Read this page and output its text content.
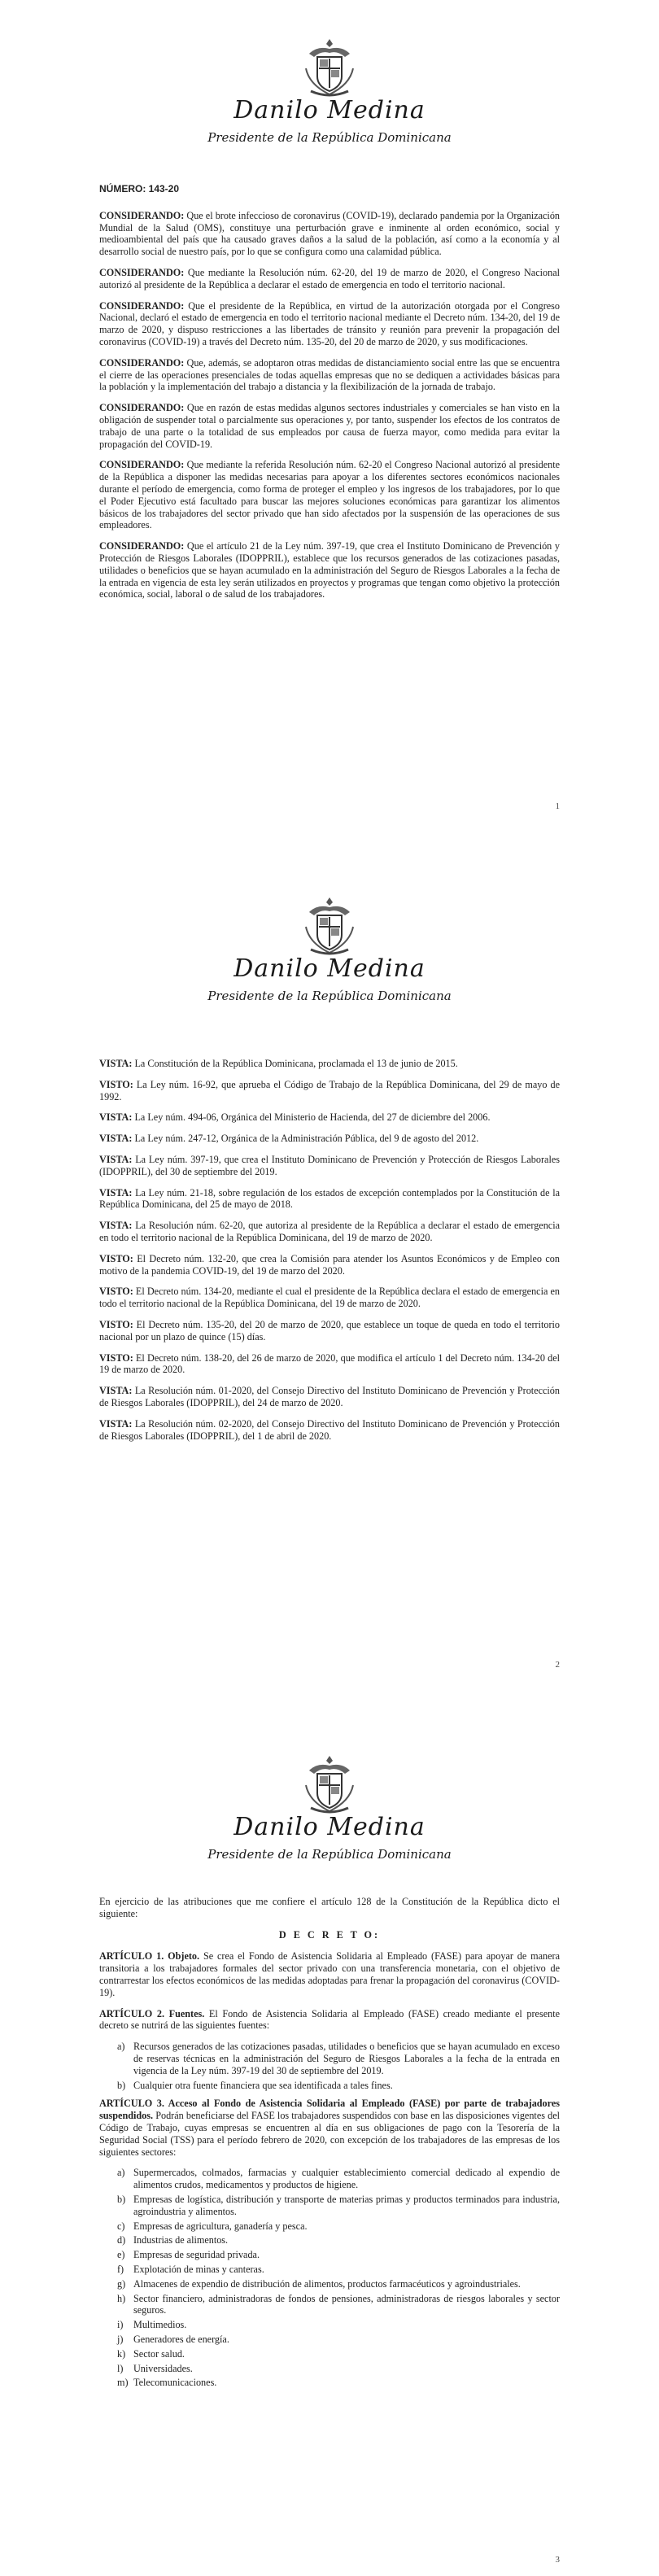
Danilo Medina
Presidente de la República Dominicana

NÚMERO: 143-20

CONSIDERANDO: Que el brote infeccioso de coronavirus (COVID-19), declarado pandemia por la Organización Mundial de la Salud (OMS), constituye una perturbación grave e inminente al orden económico, social y medioambiental del país que ha causado graves daños a la salud de la población, así como a la economía y al desarrollo social de nuestro país, por lo que se configura como una calamidad pública.

CONSIDERANDO: Que mediante la Resolución núm. 62-20, del 19 de marzo de 2020, el Congreso Nacional autorizó al presidente de la República a declarar el estado de emergencia en todo el territorio nacional.

CONSIDERANDO: Que el presidente de la República, en virtud de la autorización otorgada por el Congreso Nacional, declaró el estado de emergencia en todo el territorio nacional mediante el Decreto núm. 134-20, del 19 de marzo de 2020, y dispuso restricciones a las libertades de tránsito y reunión para prevenir la propagación del coronavirus (COVID-19) a través del Decreto núm. 135-20, del 20 de marzo de 2020, y sus modificaciones.

CONSIDERANDO: Que, además, se adoptaron otras medidas de distanciamiento social entre las que se encuentra el cierre de las operaciones presenciales de todas aquellas empresas que no se dediquen a actividades básicas para la población y la implementación del trabajo a distancia y la flexibilización de la jornada de trabajo.

CONSIDERANDO: Que en razón de estas medidas algunos sectores industriales y comerciales se han visto en la obligación de suspender total o parcialmente sus operaciones y, por tanto, suspender los efectos de los contratos de trabajo de una parte o la totalidad de sus empleados por causa de fuerza mayor, como medida para evitar la propagación del COVID-19.

CONSIDERANDO: Que mediante la referida Resolución núm. 62-20 el Congreso Nacional autorizó al presidente de la República a disponer las medidas necesarias para apoyar a los diferentes sectores económicos nacionales durante el período de emergencia, como forma de proteger el empleo y los ingresos de los trabajadores, por lo que el Poder Ejecutivo está facultado para buscar las mejores soluciones económicas para garantizar los alimentos básicos de los trabajadores del sector privado que han sido afectados por la suspensión de las operaciones de sus empleadores.

CONSIDERANDO: Que el artículo 21 de la Ley núm. 397-19, que crea el Instituto Dominicano de Prevención y Protección de Riesgos Laborales (IDOPPRIL), establece que los recursos generados de las cotizaciones pasadas, utilidades o beneficios que se hayan acumulado en la administración del Seguro de Riesgos Laborales a la fecha de la entrada en vigencia de esta ley serán utilizados en proyectos y programas que tengan como objetivo la protección económica, social, laboral o de salud de los trabajadores.

1
Danilo Medina
Presidente de la República Dominicana

VISTA: La Constitución de la República Dominicana, proclamada el 13 de junio de 2015.

VISTO: La Ley núm. 16-92, que aprueba el Código de Trabajo de la República Dominicana, del 29 de mayo de 1992.

VISTA: La Ley núm. 494-06, Orgánica del Ministerio de Hacienda, del 27 de diciembre del 2006.

VISTA: La Ley núm. 247-12, Orgánica de la Administración Pública, del 9 de agosto del 2012.

VISTA: La Ley núm. 397-19, que crea el Instituto Dominicano de Prevención y Protección de Riesgos Laborales (IDOPPRIL), del 30 de septiembre del 2019.

VISTA: La Ley núm. 21-18, sobre regulación de los estados de excepción contemplados por la Constitución de la República Dominicana, del 25 de mayo de 2018.

VISTA: La Resolución núm. 62-20, que autoriza al presidente de la República a declarar el estado de emergencia en todo el territorio nacional de la República Dominicana, del 19 de marzo de 2020.

VISTO: El Decreto núm. 132-20, que crea la Comisión para atender los Asuntos Económicos y de Empleo con motivo de la pandemia COVID-19, del 19 de marzo del 2020.

VISTO: El Decreto núm. 134-20, mediante el cual el presidente de la República declara el estado de emergencia en todo el territorio nacional de la República Dominicana, del 19 de marzo de 2020.

VISTO: El Decreto núm. 135-20, del 20 de marzo de 2020, que establece un toque de queda en todo el territorio nacional por un plazo de quince (15) días.

VISTO: El Decreto núm. 138-20, del 26 de marzo de 2020, que modifica el artículo 1 del Decreto núm. 134-20 del 19 de marzo de 2020.

VISTA: La Resolución núm. 01-2020, del Consejo Directivo del Instituto Dominicano de Prevención y Protección de Riesgos Laborales (IDOPPRIL), del 24 de marzo de 2020.

VISTA: La Resolución núm. 02-2020, del Consejo Directivo del Instituto Dominicano de Prevención y Protección de Riesgos Laborales (IDOPPRIL), del 1 de abril de 2020.

2
Danilo Medina
Presidente de la República Dominicana

En ejercicio de las atribuciones que me confiere el artículo 128 de la Constitución de la República dicto el siguiente:

D E C R E T O:

ARTÍCULO 1. Objeto. Se crea el Fondo de Asistencia Solidaria al Empleado (FASE) para apoyar de manera transitoria a los trabajadores formales del sector privado con una transferencia monetaria, con el objetivo de contrarrestar los efectos económicos de las medidas adoptadas para frenar la propagación del coronavirus (COVID-19).

ARTÍCULO 2. Fuentes. El Fondo de Asistencia Solidaria al Empleado (FASE) creado mediante el presente decreto se nutrirá de las siguientes fuentes:

a) Recursos generados de las cotizaciones pasadas, utilidades o beneficios que se hayan acumulado en exceso de reservas técnicas en la administración del Seguro de Riesgos Laborales a la fecha de la entrada en vigencia de la Ley núm. 397-19 del 30 de septiembre del 2019.
b) Cualquier otra fuente financiera que sea identificada a tales fines.

ARTÍCULO 3. Acceso al Fondo de Asistencia Solidaria al Empleado (FASE) por parte de trabajadores suspendidos. Podrán beneficiarse del FASE los trabajadores suspendidos con base en las disposiciones vigentes del Código de Trabajo, cuyas empresas se encuentren al día en sus obligaciones de pago con la Tesorería de la Seguridad Social (TSS) para el período febrero de 2020, con excepción de los trabajadores de las empresas de los siguientes sectores:

a) Supermercados, colmados, farmacias y cualquier establecimiento comercial dedicado al expendio de alimentos crudos, medicamentos y productos de higiene.
b) Empresas de logística, distribución y transporte de materias primas y productos terminados para industria, agroindustria y alimentos.
c) Empresas de agricultura, ganadería y pesca.
d) Industrias de alimentos.
e) Empresas de seguridad privada.
f) Explotación de minas y canteras.
g) Almacenes de expendio de distribución de alimentos, productos farmacéuticos y agroindustriales.
h) Sector financiero, administradoras de fondos de pensiones, administradoras de riesgos laborales y sector seguros.
i) Multimedios.
j) Generadores de energía.
k) Sector salud.
l) Universidades.
m) Telecomunicaciones.
3
